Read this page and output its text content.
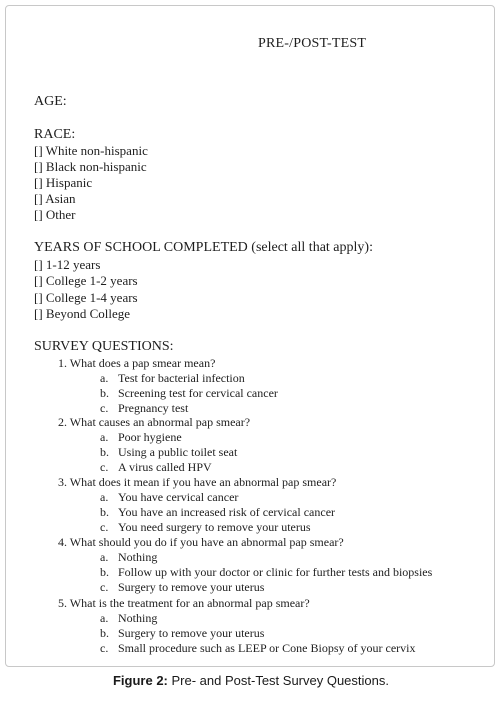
PRE-/POST-TEST
AGE:
RACE:
[] White non-hispanic
[] Black non-hispanic
[] Hispanic
[] Asian
[] Other
YEARS OF SCHOOL COMPLETED (select all that apply):
[] 1-12 years
[] College 1-2 years
[] College 1-4 years
[] Beyond College
SURVEY QUESTIONS:
1. What does a pap smear mean?
a. Test for bacterial infection
b. Screening test for cervical cancer
c. Pregnancy test
2. What causes an abnormal pap smear?
a. Poor hygiene
b. Using a public toilet seat
c. A virus called HPV
3. What does it mean if you have an abnormal pap smear?
a. You have cervical cancer
b. You have an increased risk of cervical cancer
c. You need surgery to remove your uterus
4. What should you do if you have an abnormal pap smear?
a. Nothing
b. Follow up with your doctor or clinic for further tests and biopsies
c. Surgery to remove your uterus
5. What is the treatment for an abnormal pap smear?
a. Nothing
b. Surgery to remove your uterus
c. Small procedure such as LEEP or Cone Biopsy of your cervix
Figure 2: Pre- and Post-Test Survey Questions.
